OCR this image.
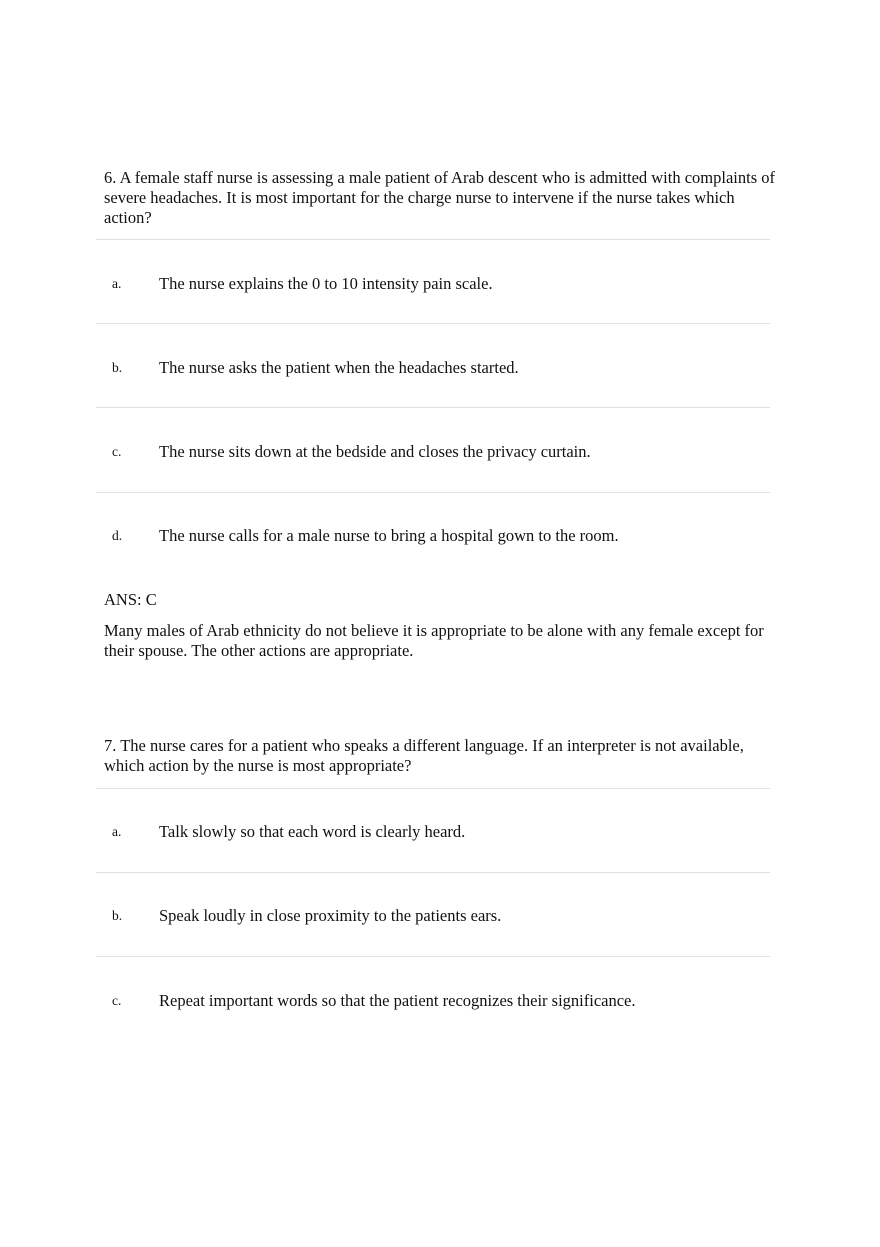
6. A female staff nurse is assessing a male patient of Arab descent who is admitted with complaints of severe headaches. It is most important for the charge nurse to intervene if the nurse takes which action?
a. The nurse explains the 0 to 10 intensity pain scale.
b. The nurse asks the patient when the headaches started.
c. The nurse sits down at the bedside and closes the privacy curtain.
d. The nurse calls for a male nurse to bring a hospital gown to the room.
ANS: C
Many males of Arab ethnicity do not believe it is appropriate to be alone with any female except for their spouse. The other actions are appropriate.
7. The nurse cares for a patient who speaks a different language. If an interpreter is not available, which action by the nurse is most appropriate?
a. Talk slowly so that each word is clearly heard.
b. Speak loudly in close proximity to the patients ears.
c. Repeat important words so that the patient recognizes their significance.
